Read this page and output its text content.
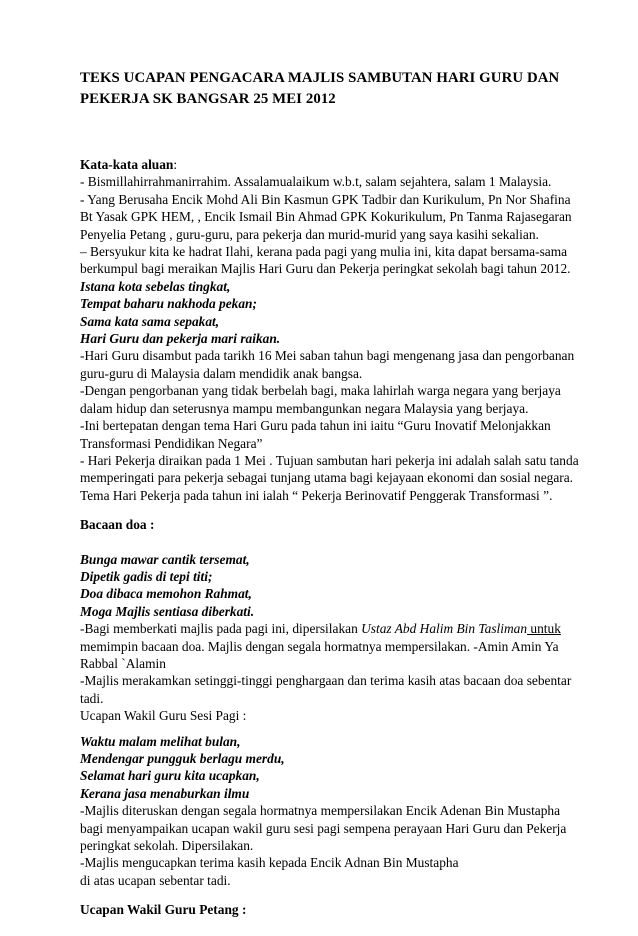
TEKS UCAPAN PENGACARA MAJLIS SAMBUTAN HARI GURU DAN
PEKERJA SK BANGSAR 25 MEI 2012
Kata-kata aluan:
- Bismillahirrahmanirrahim. Assalamualaikum w.b.t, salam sejahtera, salam 1 Malaysia.
- Yang Berusaha Encik Mohd Ali Bin Kasmun GPK Tadbir dan Kurikulum, Pn Nor Shafina
Bt Yasak GPK HEM, , Encik Ismail Bin Ahmad GPK Kokurikulum, Pn Tanma Rajasegaran
Penyelia Petang , guru-guru, para pekerja dan murid-murid yang saya kasihi sekalian.
– Bersyukur kita ke hadrat Ilahi, kerana pada pagi yang mulia ini, kita dapat bersama-sama
berkumpul bagi meraikan Majlis Hari Guru dan Pekerja peringkat sekolah bagi tahun 2012.
Istana kota sebelas tingkat,
Tempat baharu nakhoda pekan;
Sama kata sama sepakat,
Hari Guru dan pekerja mari raikan.
-Hari Guru disambut pada tarikh 16 Mei saban tahun bagi mengenang jasa dan pengorbanan
guru-guru di Malaysia dalam mendidik anak bangsa.
-Dengan pengorbanan yang tidak berbelah bagi, maka lahirlah warga negara yang berjaya
dalam hidup dan seterusnya mampu membangunkan negara Malaysia yang berjaya.
-Ini bertepatan dengan tema Hari Guru pada tahun ini iaitu “Guru Inovatif Melonjakkan
Transformasi Pendidikan Negara”
- Hari Pekerja diraikan pada 1 Mei . Tujuan sambutan hari pekerja ini adalah salah satu tanda
memperingati para pekerja sebagai tunjang utama bagi kejayaan ekonomi dan sosial negara.
Tema Hari Pekerja pada tahun ini ialah “ Pekerja Berinovatif Penggerak Transformasi ”.
Bacaan doa :
Bunga mawar cantik tersemat,
Dipetik gadis di tepi titi;
Doa dibaca memohon Rahmat,
Moga Majlis sentiasa diberkati.
-Bagi memberkati majlis pada pagi ini, dipersilakan Ustaz Abd Halim Bin Tasliman untuk
memimpin bacaan doa. Majlis dengan segala hormatnya mempersilakan. -Amin Amin Ya
Rabbal `Alamin
-Majlis merakamkan setinggi-tinggi penghargaan dan terima kasih atas bacaan doa sebentar
tadi.
Ucapan Wakil Guru Sesi Pagi :
Waktu malam melihat bulan,
Mendengar pungguk berlagu merdu,
Selamat hari guru kita ucapkan,
Kerana jasa menaburkan ilmu
-Majlis diteruskan dengan segala hormatnya mempersilakan Encik Adenan Bin Mustapha
bagi menyampaikan ucapan wakil guru sesi pagi sempena perayaan Hari Guru dan Pekerja
peringkat sekolah. Dipersilakan.
-Majlis mengucapkan terima kasih kepada Encik Adnan Bin Mustapha
di atas ucapan sebentar tadi.
Ucapan Wakil Guru Petang :
